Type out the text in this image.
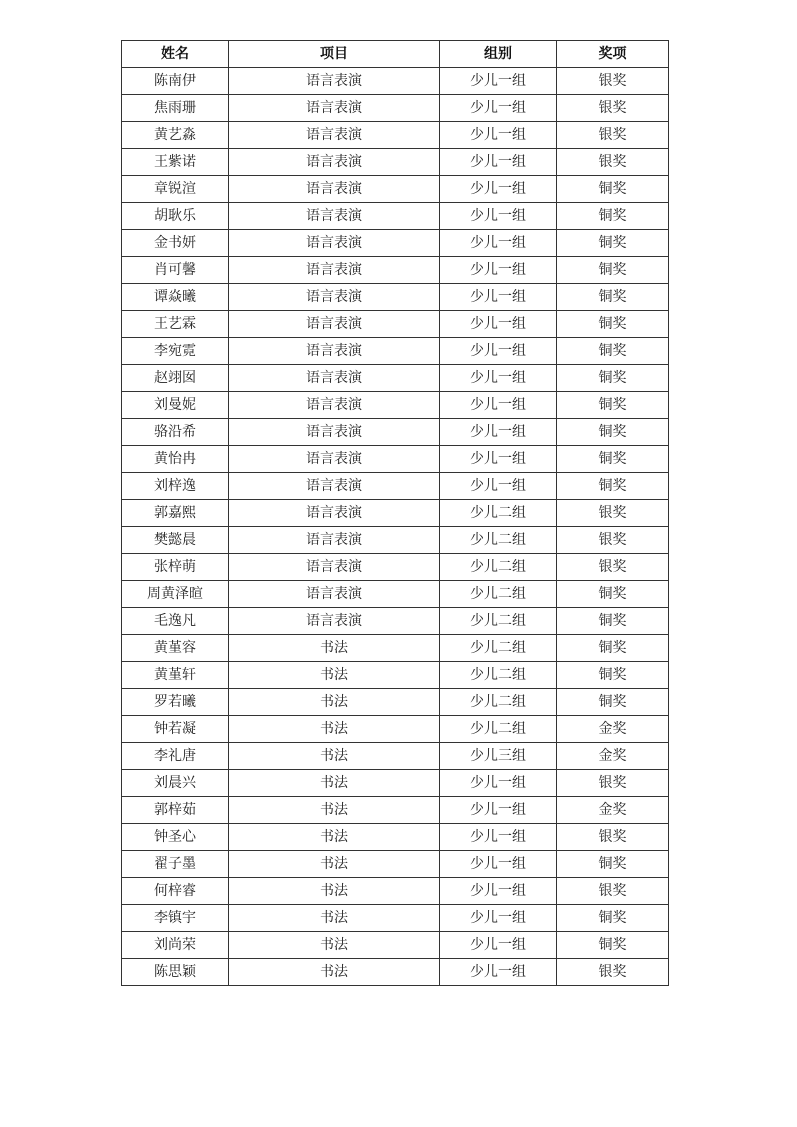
姓名	项目	组别	奖项
陈南伊	语言表演	少儿一组	银奖
焦雨珊	语言表演	少儿一组	银奖
黄艺淼	语言表演	少儿一组	银奖
王紫诺	语言表演	少儿一组	银奖
章锐渲	语言表演	少儿一组	铜奖
胡耿乐	语言表演	少儿一组	铜奖
金书妍	语言表演	少儿一组	铜奖
肖可馨	语言表演	少儿一组	铜奖
谭焱曦	语言表演	少儿一组	铜奖
王艺霖	语言表演	少儿一组	铜奖
李宛霓	语言表演	少儿一组	铜奖
赵翊囡	语言表演	少儿一组	铜奖
刘曼妮	语言表演	少儿一组	铜奖
骆沿希	语言表演	少儿一组	铜奖
黄怡冉	语言表演	少儿一组	铜奖
刘梓逸	语言表演	少儿一组	铜奖
郭嘉熙	语言表演	少儿二组	银奖
樊懿晨	语言表演	少儿二组	银奖
张梓萌	语言表演	少儿二组	银奖
周黄泽暄	语言表演	少儿二组	铜奖
毛逸凡	语言表演	少儿二组	铜奖
黄堇容	书法	少儿二组	铜奖
黄堇轩	书法	少儿二组	铜奖
罗若曦	书法	少儿二组	铜奖
钟若凝	书法	少儿二组	金奖
李礼唐	书法	少儿三组	金奖
刘晨兴	书法	少儿一组	银奖
郭梓茹	书法	少儿一组	金奖
钟圣心	书法	少儿一组	银奖
翟子墨	书法	少儿一组	铜奖
何梓睿	书法	少儿一组	银奖
李镇宇	书法	少儿一组	铜奖
刘尚荣	书法	少儿一组	铜奖
陈思颖	书法	少儿一组	银奖
